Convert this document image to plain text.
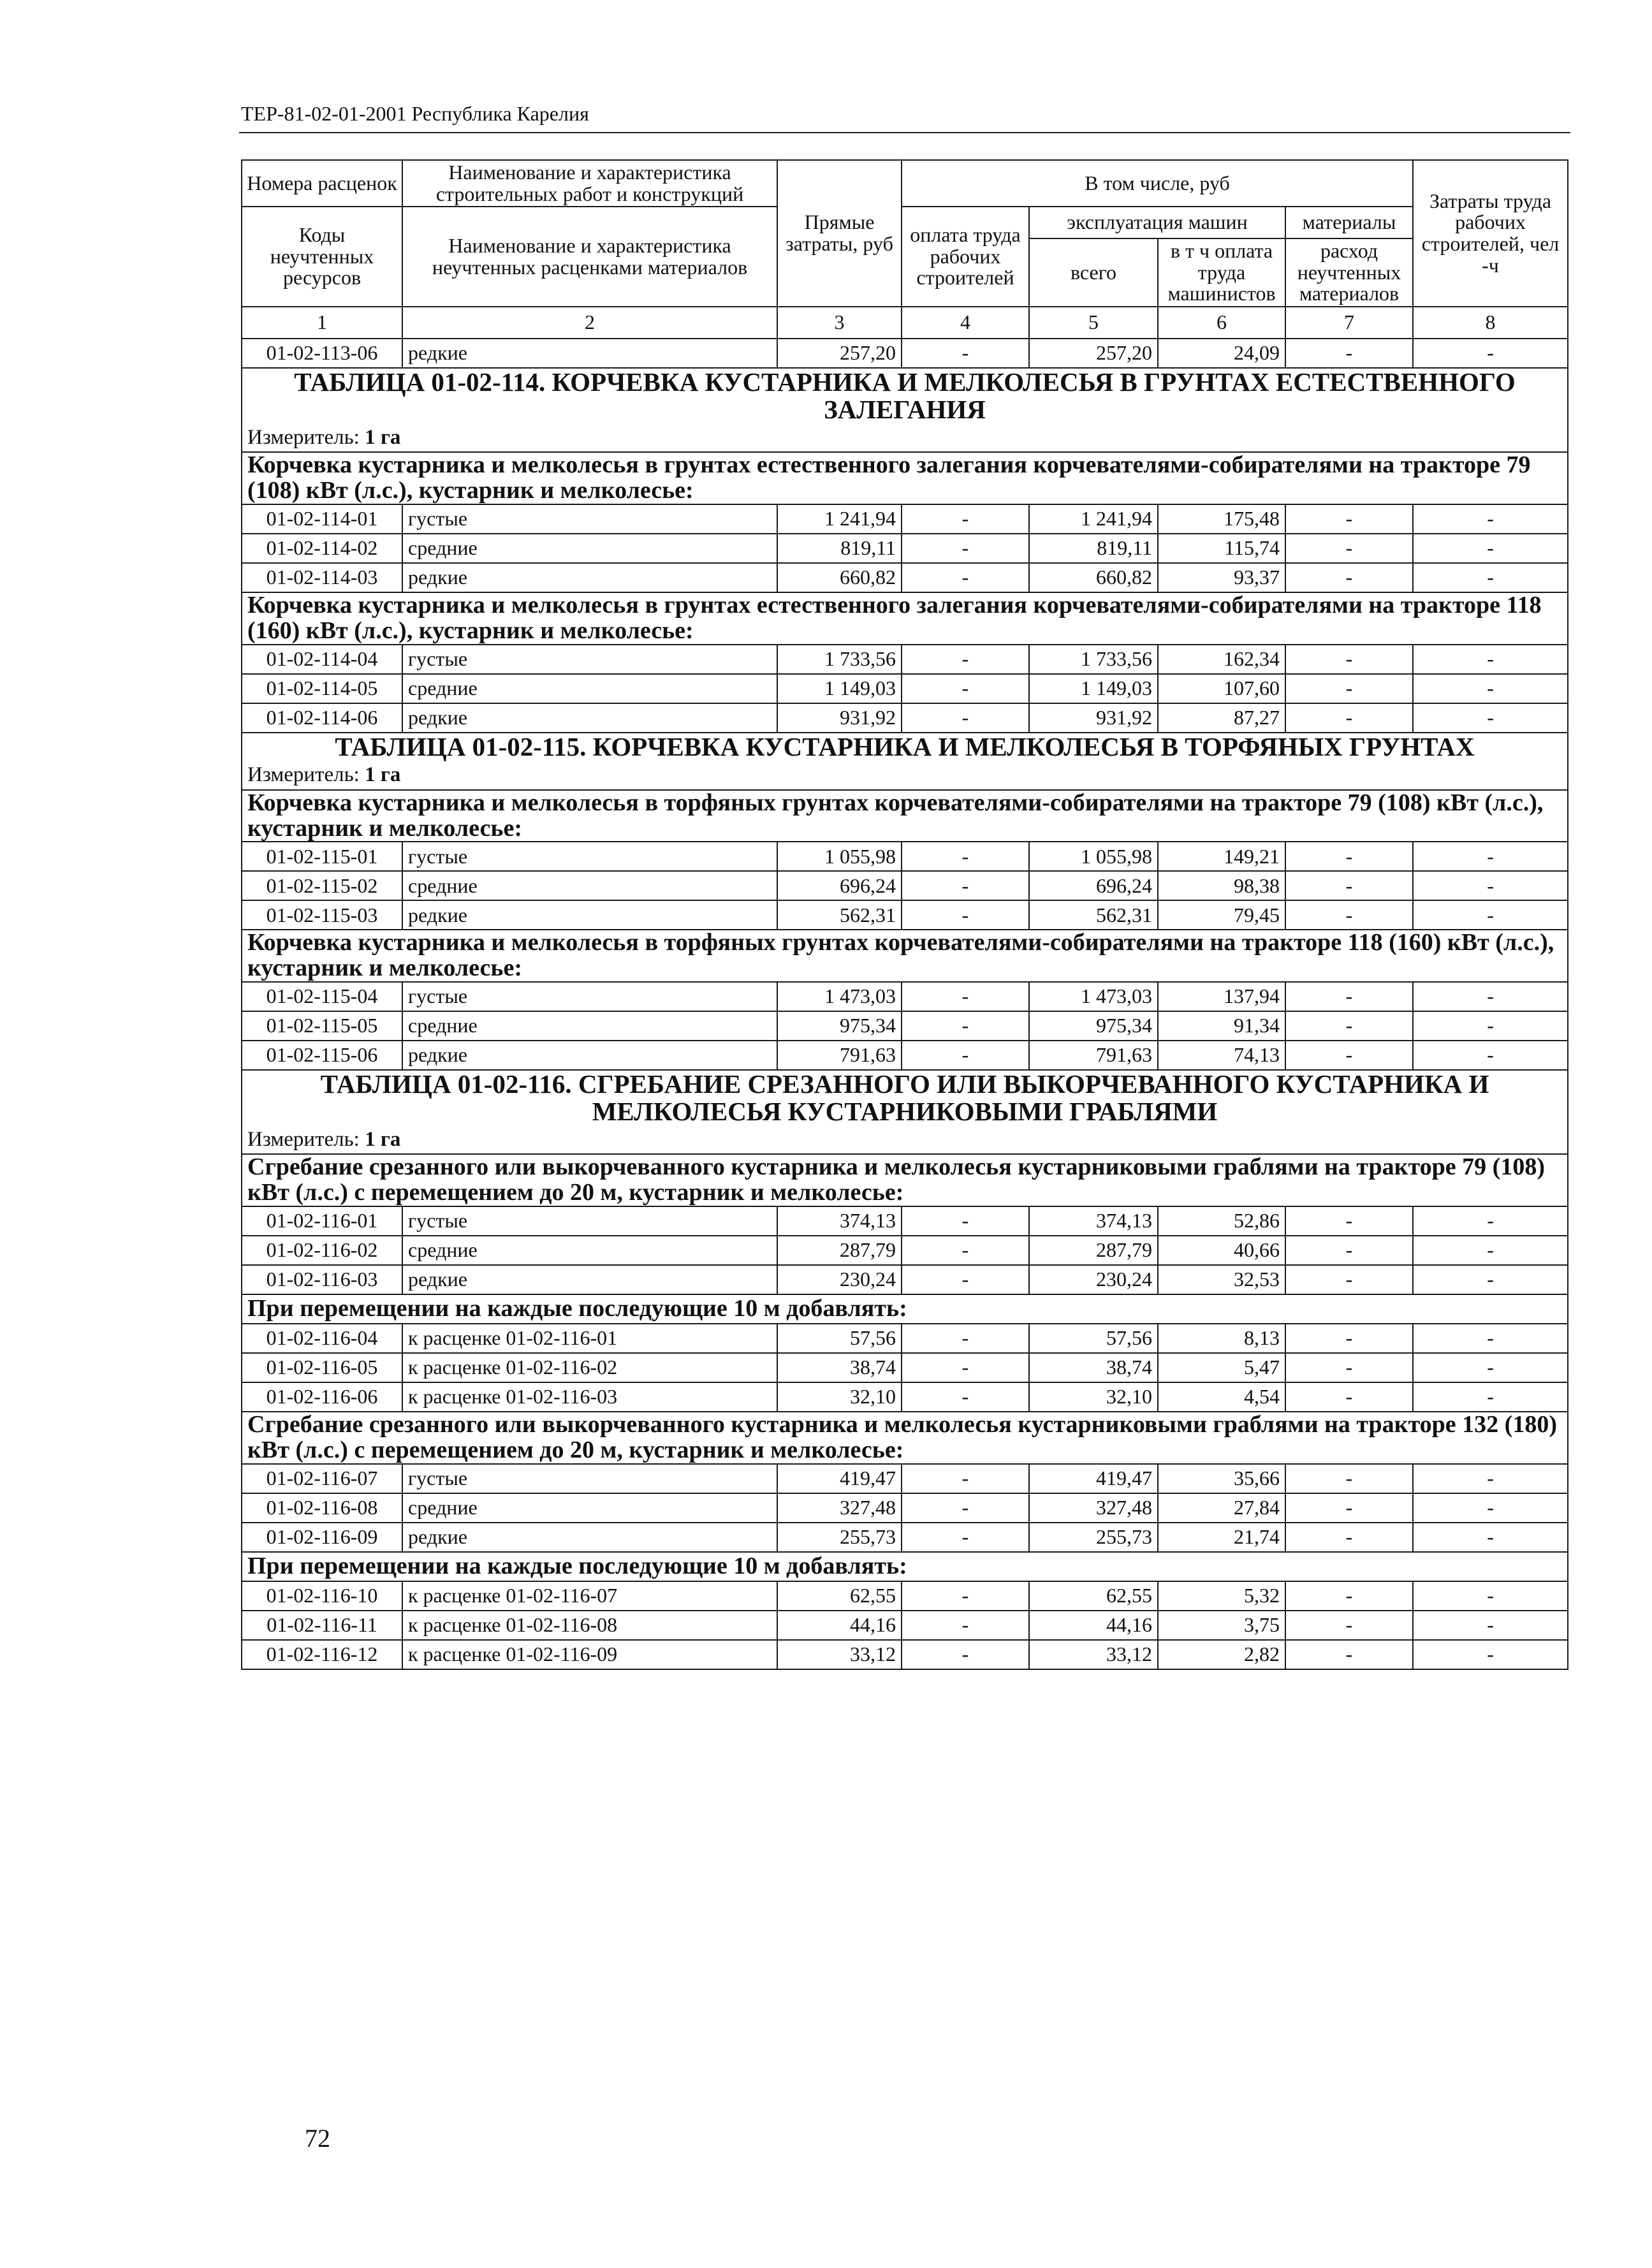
ТЕР-81-02-01-2001 Республика Карелия
Номера расценок	Наименование и характеристика строительных работ и конструкций	Прямые затраты, руб	В том числе, руб				Затраты труда рабочих строителей, чел -ч
Коды неучтенных ресурсов	Наименование и характеристика неучтенных расценками материалов		оплата труда рабочих строителей	эксплуатация машин		материалы	
				всего	в т ч оплата труда машинистов	расход неучтенных материалов	
1	2	3	4	5	6	7	8
01-02-113-06	редкие	257,20	-	257,20	24,09	-	-
ТАБЛИЦА 01-02-114. КОРЧЕВКА КУСТАРНИКА И МЕЛКОЛЕСЬЯ В ГРУНТАХ ЕСТЕСТВЕННОГО ЗАЛЕГАНИЯ							
Измеритель: 1 га							
Корчевка кустарника и мелколесья в грунтах естественного залегания корчевателями-собирателями на тракторе 79 (108) кВт (л.с.), кустарник и мелколесье:							
01-02-114-01	густые	1 241,94	-	1 241,94	175,48	-	-
01-02-114-02	средние	819,11	-	819,11	115,74	-	-
01-02-114-03	редкие	660,82	-	660,82	93,37	-	-
Корчевка кустарника и мелколесья в грунтах естественного залегания корчевателями-собирателями на тракторе 118 (160) кВт (л.с.), кустарник и мелколесье:							
01-02-114-04	густые	1 733,56	-	1 733,56	162,34	-	-
01-02-114-05	средние	1 149,03	-	1 149,03	107,60	-	-
01-02-114-06	редкие	931,92	-	931,92	87,27	-	-
ТАБЛИЦА 01-02-115. КОРЧЕВКА КУСТАРНИКА И МЕЛКОЛЕСЬЯ В ТОРФЯНЫХ ГРУНТАХ							
Измеритель: 1 га							
Корчевка кустарника и мелколесья в торфяных грунтах корчевателями-собирателями на тракторе 79 (108) кВт (л.с.), кустарник и мелколесье:							
01-02-115-01	густые	1 055,98	-	1 055,98	149,21	-	-
01-02-115-02	средние	696,24	-	696,24	98,38	-	-
01-02-115-03	редкие	562,31	-	562,31	79,45	-	-
Корчевка кустарника и мелколесья в торфяных грунтах корчевателями-собирателями на тракторе 118 (160) кВт (л.с.), кустарник и мелколесье:							
01-02-115-04	густые	1 473,03	-	1 473,03	137,94	-	-
01-02-115-05	средние	975,34	-	975,34	91,34	-	-
01-02-115-06	редкие	791,63	-	791,63	74,13	-	-
ТАБЛИЦА 01-02-116. СГРЕБАНИЕ СРЕЗАННОГО ИЛИ ВЫКОРЧЕВАННОГО КУСТАРНИКА И МЕЛКОЛЕСЬЯ КУСТАРНИКОВЫМИ ГРАБЛЯМИ							
Измеритель: 1 га							
Сгребание срезанного или выкорчеванного кустарника и мелколесья кустарниковыми граблями на тракторе 79 (108) кВт (л.с.) с перемещением до 20 м, кустарник и мелколесье:							
01-02-116-01	густые	374,13	-	374,13	52,86	-	-
01-02-116-02	средние	287,79	-	287,79	40,66	-	-
01-02-116-03	редкие	230,24	-	230,24	32,53	-	-
При перемещении на каждые последующие 10 м добавлять:							
01-02-116-04	к расценке 01-02-116-01	57,56	-	57,56	8,13	-	-
01-02-116-05	к расценке 01-02-116-02	38,74	-	38,74	5,47	-	-
01-02-116-06	к расценке 01-02-116-03	32,10	-	32,10	4,54	-	-
Сгребание срезанного или выкорчеванного кустарника и мелколесья кустарниковыми граблями на тракторе 132 (180) кВт (л.с.) с перемещением до 20 м, кустарник и мелколесье:							
01-02-116-07	густые	419,47	-	419,47	35,66	-	-
01-02-116-08	средние	327,48	-	327,48	27,84	-	-
01-02-116-09	редкие	255,73	-	255,73	21,74	-	-
При перемещении на каждые последующие 10 м добавлять:							
01-02-116-10	к расценке 01-02-116-07	62,55	-	62,55	5,32	-	-
01-02-116-11	к расценке 01-02-116-08	44,16	-	44,16	3,75	-	-
01-02-116-12	к расценке 01-02-116-09	33,12	-	33,12	2,82	-	-
72
